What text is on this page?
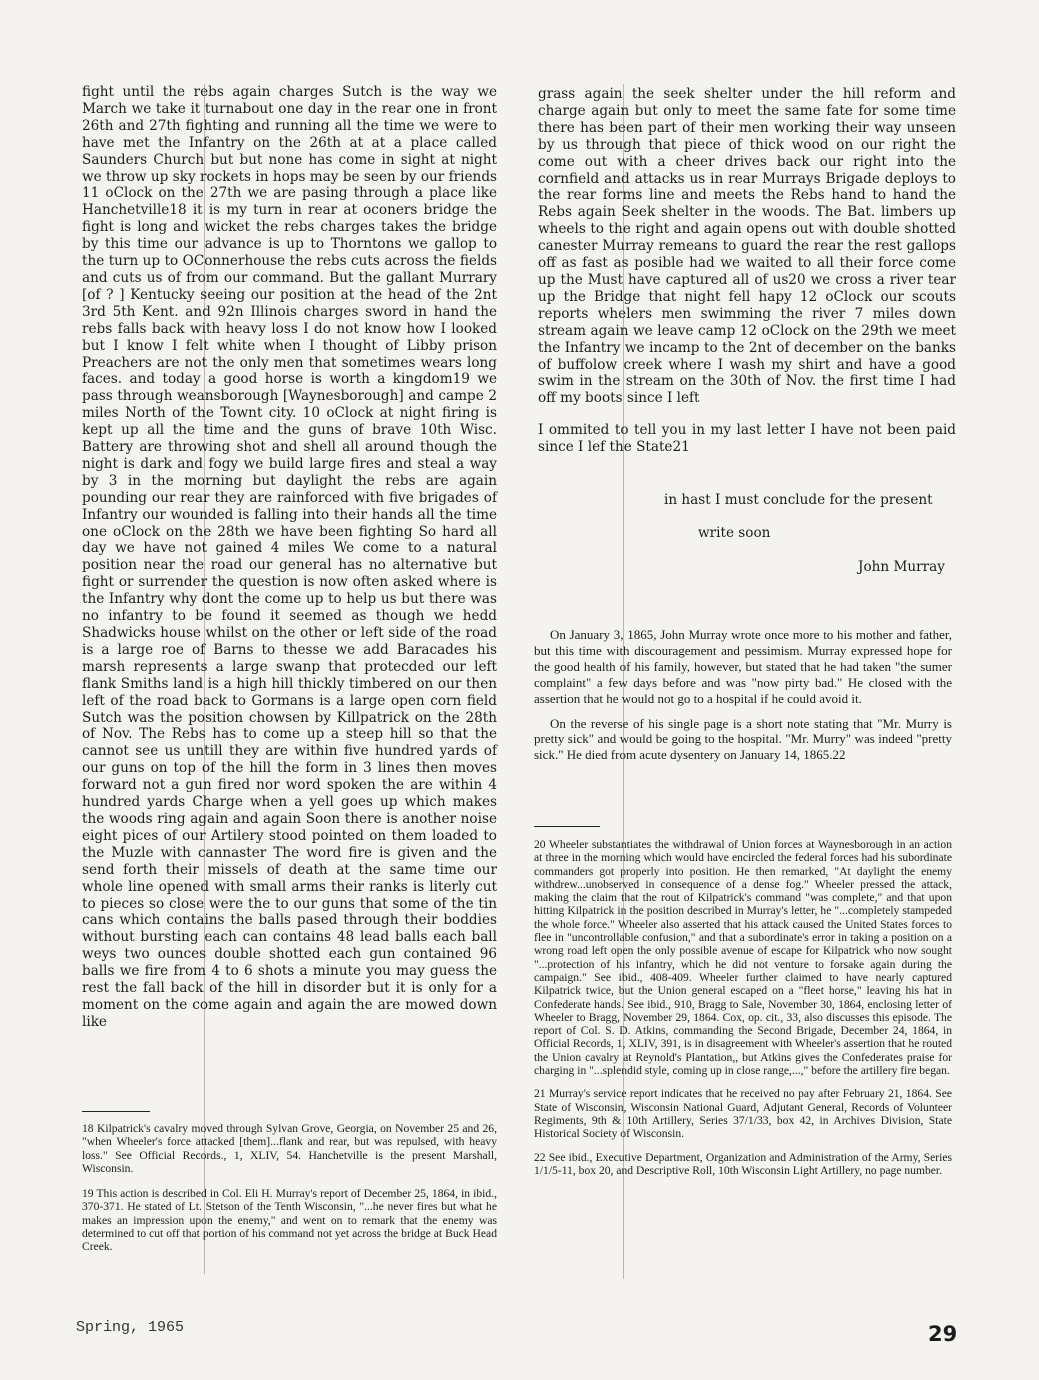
fight until the rebs again charges Sutch is the way we March we take it turnabout one day in the rear one in front 26th and 27th fighting and running all the time we were to have met the Infantry on the 26th at at a place called Saunders Church but but none has come in sight at night we throw up sky rockets in hops may be seen by our friends 11 oClock on the 27th we are pasing through a place like Hanchetville18 it is my turn in rear at oconers bridge the fight is long and wicket the rebs charges takes the bridge by this time our advance is up to Thorntons we gallop to the turn up to OConnerhouse the rebs cuts across the fields and cuts us of from our command. But the gallant Murrary [of ? ] Kentucky seeing our position at the head of the 2nt 3rd 5th Kent. and 92n Illinois charges sword in hand the rebs falls back with heavy loss I do not know how I looked but I know I felt white when I thought of Libby prison Preachers are not the only men that sometimes wears long faces. and today a good horse is worth a kingdom19 we pass through weansborough [Waynesborough] and campe 2 miles North of the Townt city. 10 oClock at night firing is kept up all the time and the guns of brave 10th Wisc. Battery are throwing shot and shell all around though the night is dark and fogy we build large fires and steal a way by 3 in the morning but daylight the rebs are again pounding our rear they are rainforced with five brigades of Infantry our wounded is falling into their hands all the time one oClock on the 28th we have been fighting So hard all day we have not gained 4 miles We come to a natural position near the road our general has no alternative but fight or surrender the question is now often asked where is the Infantry why dont the come up to help us but there was no infantry to be found it seemed as though we hedd Shadwicks house whilst on the other or left side of the road is a large roe of Barns to thesse we add Baracades his marsh represents a large swanp that protecded our left flank Smiths land is a high hill thickly timbered on our then left of the road back to Gormans is a large open corn field Sutch was the position chowsen by Killpatrick on the 28th of Nov. The Rebs has to come up a steep hill so that the cannot see us untill they are within five hundred yards of our guns on top of the hill the form in 3 lines then moves forward not a gun fired nor word spoken the are within 4 hundred yards Charge when a yell goes up which makes the woods ring again and again Soon there is another noise eight pices of our Artilery stood pointed on them loaded to the Muzle with cannaster The word fire is given and the send forth their missels of death at the same time our whole line opened with small arms their ranks is literly cut to pieces so close were the to our guns that some of the tin cans which contains the balls pased through their boddies without bursting each can contains 48 lead balls each ball weys two ounces double shotted each gun contained 96 balls we fire from 4 to 6 shots a minute you may guess the rest the fall back of the hill in disorder but it is only for a moment on the come again and again the are mowed down like

18 Kilpatrick's cavalry moved through Sylvan Grove, Georgia, on November 25 and 26, "when Wheeler's force attacked [them]...flank and rear, but was repulsed, with heavy loss." See Official Records., 1, XLIV, 54. Hanchetville is the present Marshall, Wisconsin.

19 This action is described in Col. Eli H. Murray's report of December 25, 1864, in ibid., 370-371. He stated of Lt. Stetson of the Tenth Wisconsin, "...he never fires but what he makes an impression upon the enemy," and went on to remark that the enemy was determined to cut off that portion of his command not yet across the bridge at Buck Head Creek.

grass again the seek shelter under the hill reform and charge again but only to meet the same fate for some time there has been part of their men working their way unseen by us through that piece of thick wood on our right the come out with a cheer drives back our right into the cornfield and attacks us in rear Murrays Brigade deploys to the rear forms line and meets the Rebs hand to hand the Rebs again Seek shelter in the woods. The Bat. limbers up wheels to the right and again opens out with double shotted canester Murray remeans to guard the rear the rest gallops off as fast as posible had we waited to all their force come up the Must have captured all of us20 we cross a river tear up the Bridge that night fell hapy 12 oClock our scouts reports whelers men swimming the river 7 miles down stream again we leave camp 12 oClock on the 29th we meet the Infantry we incamp to the 2nt of december on the banks of buffolow creek where I wash my shirt and have a good swim in the stream on the 30th of Nov. the first time I had off my boots since I left

I ommited to tell you in my last letter I have not been paid since I lef the State21

in hast I must conclude for the present
write soon
John Murray

On January 3, 1865, John Murray wrote once more to his mother and father, but this time with discouragement and pessimism. Murray expressed hope for the good health of his family, however, but stated that he had taken "the sumer complaint" a few days before and was "now pirty bad." He closed with the assertion that he would not go to a hospital if he could avoid it.

On the reverse of his single page is a short note stating that "Mr. Murry is pretty sick" and would be going to the hospital. "Mr. Murry" was indeed "pretty sick." He died from acute dysentery on January 14, 1865.22

20 Wheeler substantiates the withdrawal of Union forces at Waynesborough in an action at three in the morning which would have encircled the federal forces had his subordinate commanders got properly into position. He then remarked, "At daylight the enemy withdrew...unobserved in consequence of a dense fog." Wheeler pressed the attack, making the claim that the rout of Kilpatrick's command "was complete," and that upon hitting Kilpatrick in the position described in Murray's letter, he "...completely stampeded the whole force." Wheeler also asserted that his attack caused the United States forces to flee in "uncontrollable confusion," and that a subordinate's error in taking a position on a wrong road left open the only possible avenue of escape for Kilpatrick who now sought "...protection of his infantry, which he did not venture to forsake again during the campaign." See ibid., 408-409. Wheeler further claimed to have nearly captured Kilpatrick twice, but the Union general escaped on a "fleet horse," leaving his hat in Confederate hands. See ibid., 910, Bragg to Sale, November 30, 1864, enclosing letter of Wheeler to Bragg, November 29, 1864. Cox, op. cit., 33, also discusses this episode. The report of Col. S. D. Atkins, commanding the Second Brigade, December 24, 1864, in Official Records, 1, XLIV, 391, is in disagreement with Wheeler's assertion that he routed the Union cavalry at Reynold's Plantation,, but Atkins gives the Confederates praise for charging in "...splendid style, coming up in close range,...," before the artillery fire began.

21 Murray's service report indicates that he received no pay after February 21, 1864. See State of Wisconsin, Wisconsin National Guard, Adjutant General, Records of Volunteer Regiments, 9th & 10th Artillery, Series 37/1/33, box 42, in Archives Division, State Historical Society of Wisconsin.

22 See ibid., Executive Department, Organization and Administration of the Army, Series 1/1/5-11, box 20, and Descriptive Roll, 10th Wisconsin Light Artillery, no page number.

Spring, 1965	29
